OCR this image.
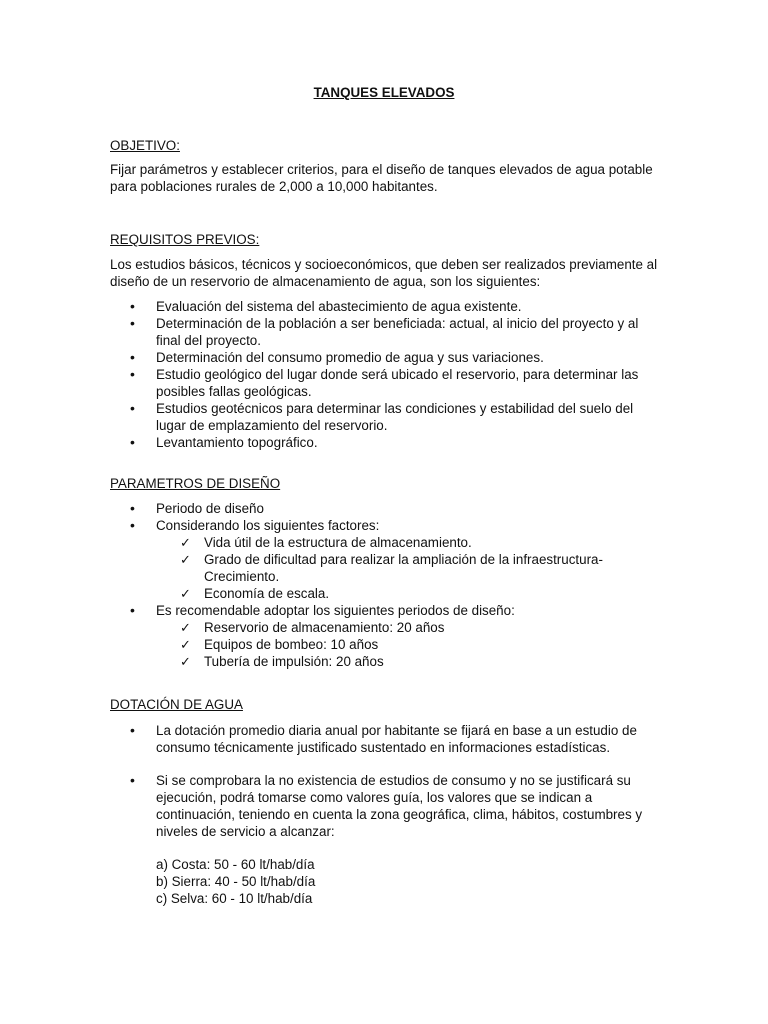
TANQUES ELEVADOS
OBJETIVO:

Fijar parámetros y establecer criterios, para el diseño de tanques elevados de agua potable para poblaciones rurales de 2,000 a 10,000 habitantes.

REQUISITOS PREVIOS:

Los estudios básicos, técnicos y socioeconómicos, que deben ser realizados previamente al diseño de un reservorio de almacenamiento de agua, son los siguientes:

• Evaluación del sistema del abastecimiento de agua existente.
• Determinación de la población a ser beneficiada: actual, al inicio del proyecto y al final del proyecto.
• Determinación del consumo promedio de agua y sus variaciones.
• Estudio geológico del lugar donde será ubicado el reservorio, para determinar las posibles fallas geológicas.
• Estudios geotécnicos para determinar las condiciones y estabilidad del suelo del lugar de emplazamiento del reservorio.
• Levantamiento topográfico.
PARAMETROS DE DISEÑO
• Periodo de diseño
• Considerando los siguientes factores:
✓ Vida útil de la estructura de almacenamiento.
✓ Grado de dificultad para realizar la ampliación de la infraestructura-Crecimiento.
✓ Economía de escala.
• Es recomendable adoptar los siguientes periodos de diseño:
✓ Reservorio de almacenamiento: 20 años
✓ Equipos de bombeo: 10 años
✓ Tubería de impulsión: 20 años
DOTACIÓN DE AGUA
• La dotación promedio diaria anual por habitante se fijará en base a un estudio de consumo técnicamente justificado sustentado en informaciones estadísticas.
• Si se comprobara la no existencia de estudios de consumo y no se justificará su ejecución, podrá tomarse como valores guía, los valores que se indican a continuación, teniendo en cuenta la zona geográfica, clima, hábitos, costumbres y niveles de servicio a alcanzar:

a) Costa: 50 - 60 lt/hab/día

b) Sierra: 40 - 50 lt/hab/día

c) Selva: 60 - 10 lt/hab/día
